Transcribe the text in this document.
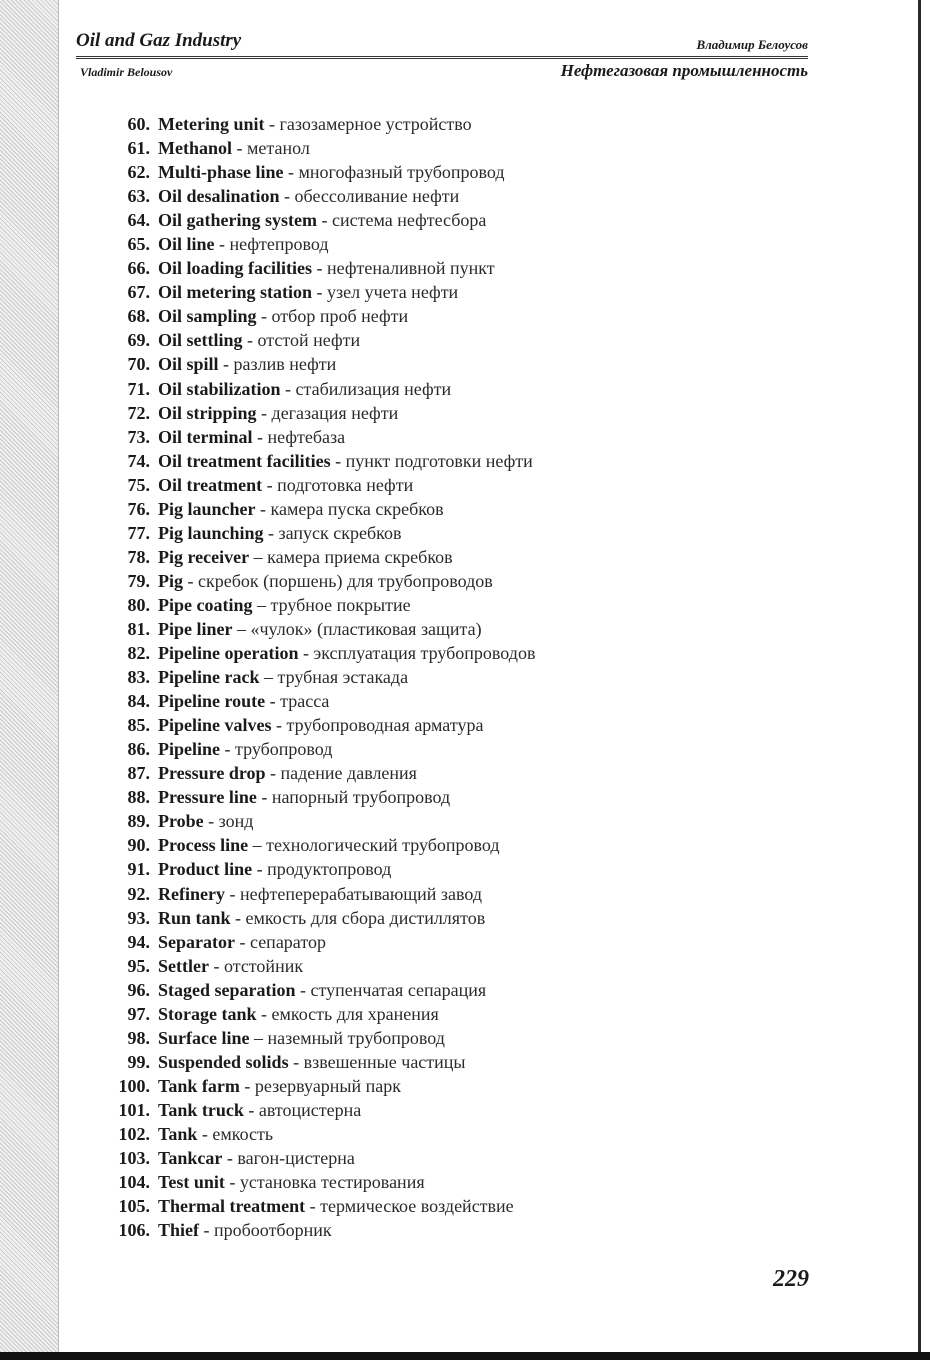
Oil and Gaz Industry	Владимир Белоусов
Vladimir Belousov	Нефтегазовая промышленность
60. Metering unit
-
газозамерное устройство
61. Methanol
-
метанол
62. Multi-phase line
-
многофазный трубопровод
63. Oil desalination
-
обессоливание нефти
64. Oil gathering system
-
система нефтесбора
65. Oil line
-
нефтепровод
66. Oil loading facilities
-
нефтеналивной пункт
67. Oil metering station
-
узел учета нефти
68. Oil sampling
-
отбор проб нефти
69. Oil settling
-
отстой нефти
70. Oil spill
-
разлив нефти
71. Oil stabilization
-
стабилизация нефти
72. Oil stripping
-
дегазация нефти
73. Oil terminal
-
нефтебаза
74. Oil treatment facilities
-
пункт подготовки нефти
75. Oil treatment
-
подготовка нефти
76. Pig launcher
-
камера пуска скребков
77. Pig launching
-
запуск скребков
78. Pig receiver
–
камера приема скребков
79. Pig
-
скребок (поршень) для трубопроводов
80. Pipe coating
–
трубное покрытие
81. Pipe liner
–
«чулок» (пластиковая защита)
82. Pipeline operation
-
эксплуатация трубопроводов
83. Pipeline rack
–
трубная эстакада
84. Pipeline route
-
трасса
85. Pipeline valves
-
трубопроводная арматура
86. Pipeline
-
трубопровод
87. Pressure drop
-
падение давления
88. Pressure line
-
напорный трубопровод
89. Probe
-
зонд
90. Process line
–
технологический трубопровод
91. Product line
-
продуктопровод
92. Refinery
-
нефтеперерабатывающий завод
93. Run tank
-
емкость для сбора дистиллятов
94. Separator
-
сепаратор
95. Settler
-
отстойник
96. Staged separation
-
ступенчатая сепарация
97. Storage tank
-
емкость для хранения
98. Surface line
–
наземный трубопровод
99. Suspended solids
-
взвешенные частицы
100. Tank farm
-
резервуарный парк
101. Tank truck
-
автоцистерна
102. Tank
-
емкость
103. Tankcar
-
вагон-цистерна
104. Test unit
-
установка тестирования
105. Thermal treatment
-
термическое воздействие
106. Thief
-
пробоотборник
229
